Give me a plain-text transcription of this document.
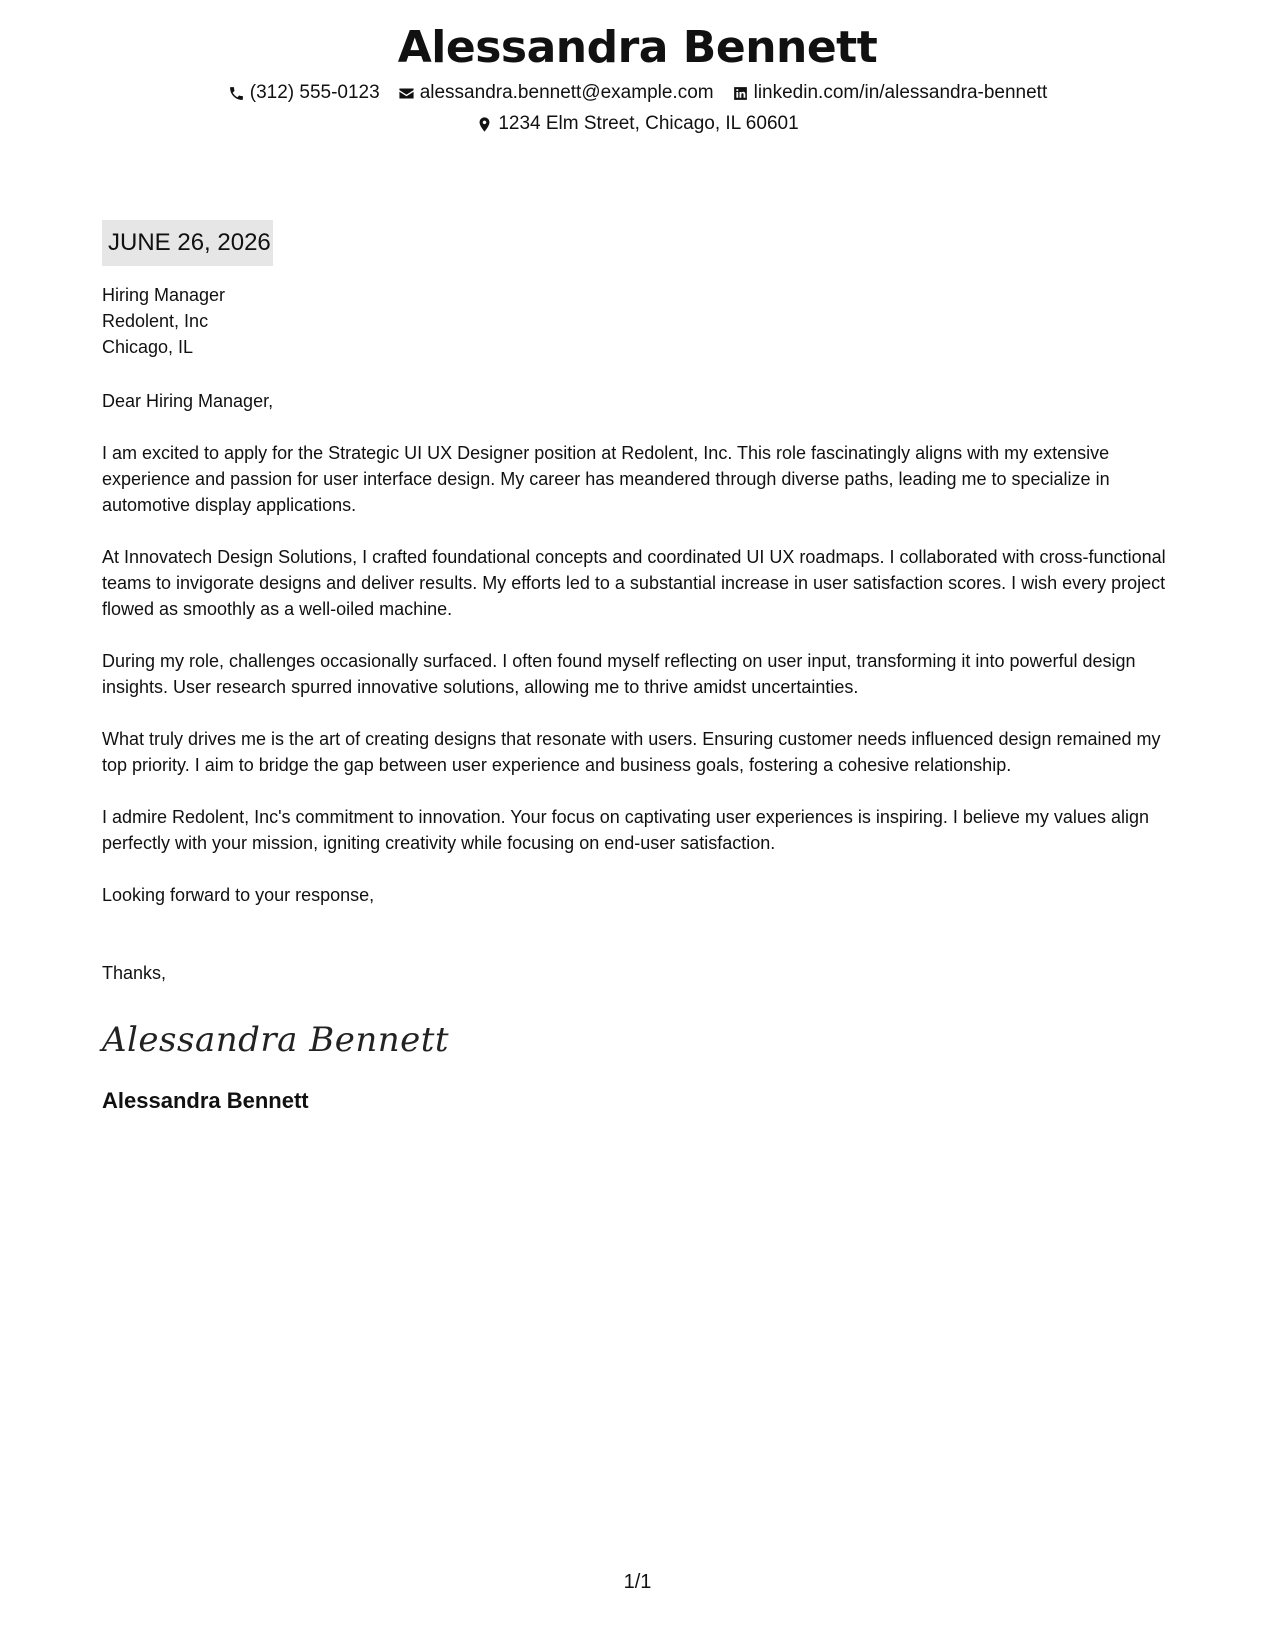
Alessandra Bennett
(312) 555-0123 alessandra.bennett@example.com linkedin.com/in/alessandra-bennett
1234 Elm Street, Chicago, IL 60601
JUNE 26, 2026
Hiring Manager
Redolent, Inc
Chicago, IL
Dear Hiring Manager,
I am excited to apply for the Strategic UI UX Designer position at Redolent, Inc. This role fascinatingly aligns with my extensive experience and passion for user interface design. My career has meandered through diverse paths, leading me to specialize in automotive display applications.
At Innovatech Design Solutions, I crafted foundational concepts and coordinated UI UX roadmaps. I collaborated with cross-functional teams to invigorate designs and deliver results. My efforts led to a substantial increase in user satisfaction scores. I wish every project flowed as smoothly as a well-oiled machine.
During my role, challenges occasionally surfaced. I often found myself reflecting on user input, transforming it into powerful design insights. User research spurred innovative solutions, allowing me to thrive amidst uncertainties.
What truly drives me is the art of creating designs that resonate with users. Ensuring customer needs influenced design remained my top priority. I aim to bridge the gap between user experience and business goals, fostering a cohesive relationship.
I admire Redolent, Inc's commitment to innovation. Your focus on captivating user experiences is inspiring. I believe my values align perfectly with your mission, igniting creativity while focusing on end-user satisfaction.
Looking forward to your response,
Thanks,
Alessandra Bennett
Alessandra Bennett
1/1
